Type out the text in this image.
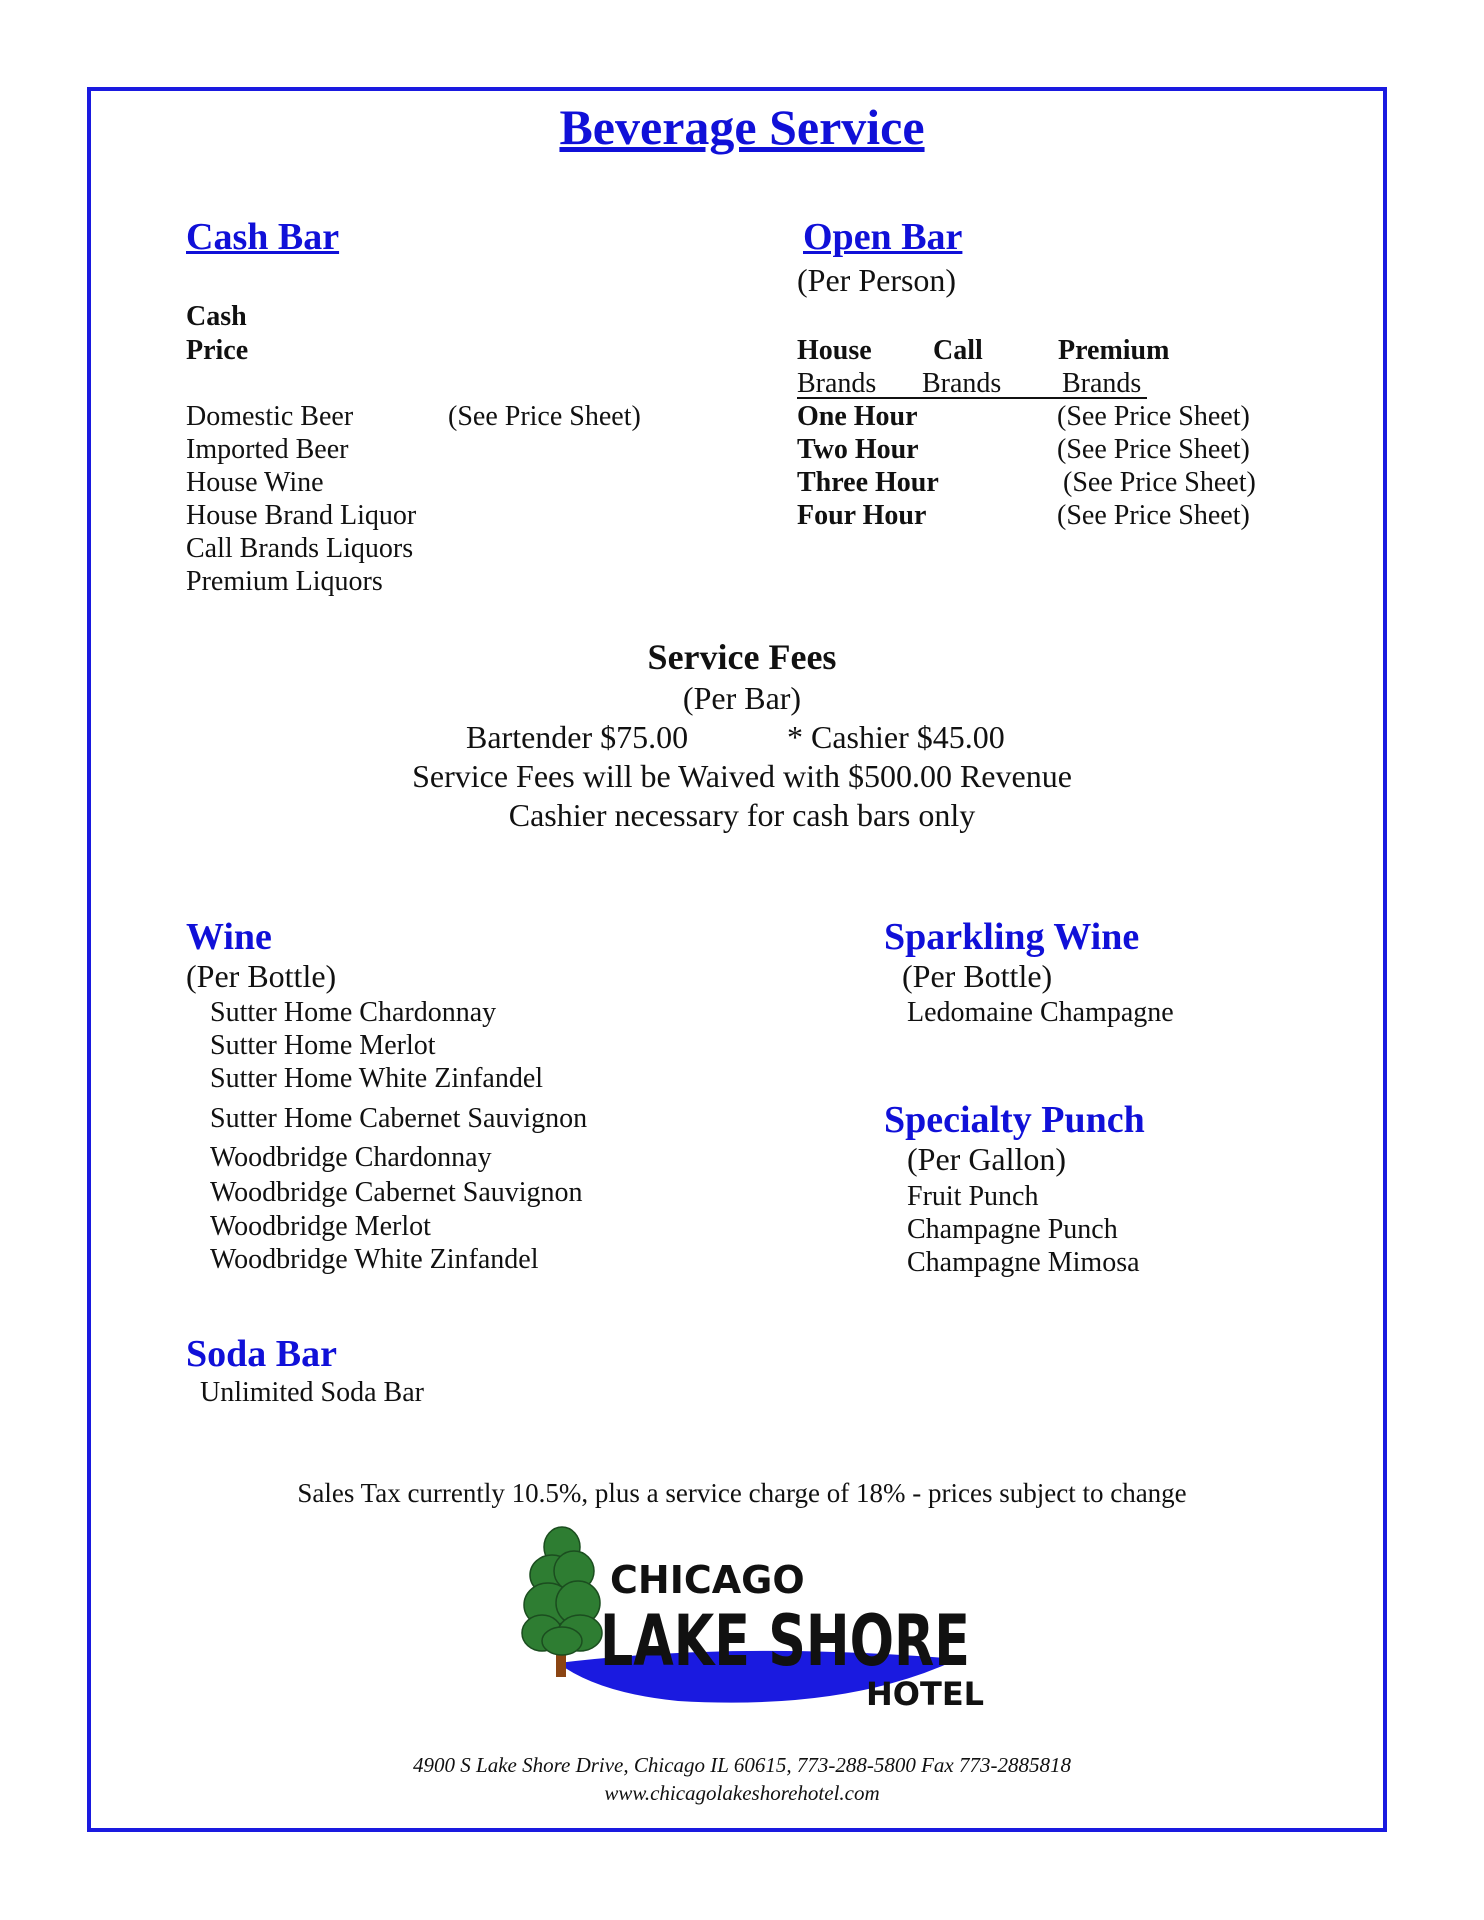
Beverage Service
Cash Bar
Cash
Price
Domestic Beer
Imported Beer
House Wine
House Brand Liquor
Call Brands Liquors
Premium Liquors
(See Price Sheet)
Open Bar
(Per Person)
House Call	Premium
Brands Brands Brands
One Hour	(See Price Sheet)
Two Hour	(See Price Sheet)
Three Hour	(See Price Sheet)
Four Hour	(See Price Sheet)
Service Fees
(Per Bar)
Bartender $75.00	* Cashier $45.00
Service Fees will be Waived with $500.00 Revenue
Cashier necessary for cash bars only
Wine
(Per Bottle)
Sutter Home Chardonnay
Sutter Home Merlot
Sutter Home White Zinfandel
Sutter Home Cabernet Sauvignon
Woodbridge Chardonnay
Woodbridge Cabernet Sauvignon
Woodbridge Merlot
Woodbridge White Zinfandel
Sparkling Wine
(Per Bottle)
Ledomaine Champagne
Specialty Punch
(Per Gallon)
Fruit Punch
Champagne Punch
Champagne Mimosa
Soda Bar
Unlimited Soda Bar
Sales Tax currently 10.5%, plus a service charge of 18% - prices subject to change
CHICAGO
LAKE SHORE
HOTEL
4900 S Lake Shore Drive, Chicago IL 60615, 773-288-5800 Fax 773-2885818
www.chicagolakeshorehotel.com
